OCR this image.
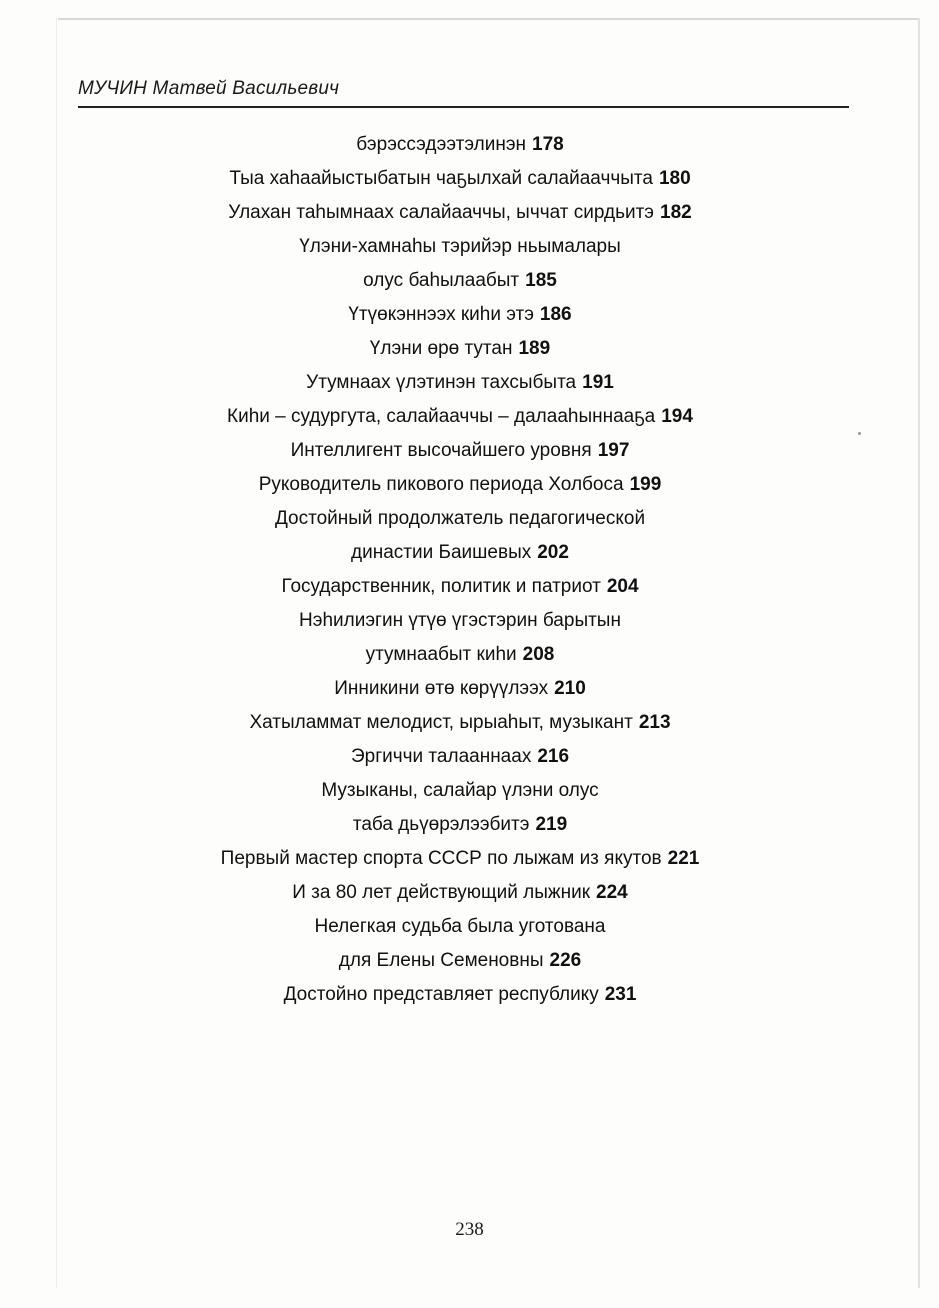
МУЧИН Матвей Васильевич
бэрэссэдээтэлинэн 178
Тыа хаһаайыстыбатын чаҕылхай салайааччыта 180
Улахан таһымнаах салайааччы, ыччат сирдьитэ 182
Үлэни-хамнаһы тэрийэр ньымалары
олус баһылаабыт 185
Үтүөкэннээх киһи этэ 186
Үлэни өрө тутан 189
Утумнаах үлэтинэн тахсыбыта 191
Киһи – судургута, салайааччы – далааһыннааҕа 194
Интеллигент высочайшего уровня 197
Руководитель пикового периода Холбоса 199
Достойный продолжатель педагогической
династии Баишевых 202
Государственник, политик и патриот 204
Нэһилиэгин үтүө үгэстэрин барытын
утумнаабыт киһи 208
Инникини өтө көрүүлээх 210
Хатыламмат мелодист, ырыаһыт, музыкант 213
Эргиччи талааннаах 216
Музыканы, салайар үлэни олус
таба дьүөрэлээбитэ 219
Первый мастер спорта СССР по лыжам из якутов 221
И за 80 лет действующий лыжник 224
Нелегкая судьба была уготована
для Елены Семеновны 226
Достойно представляет республику 231
238
